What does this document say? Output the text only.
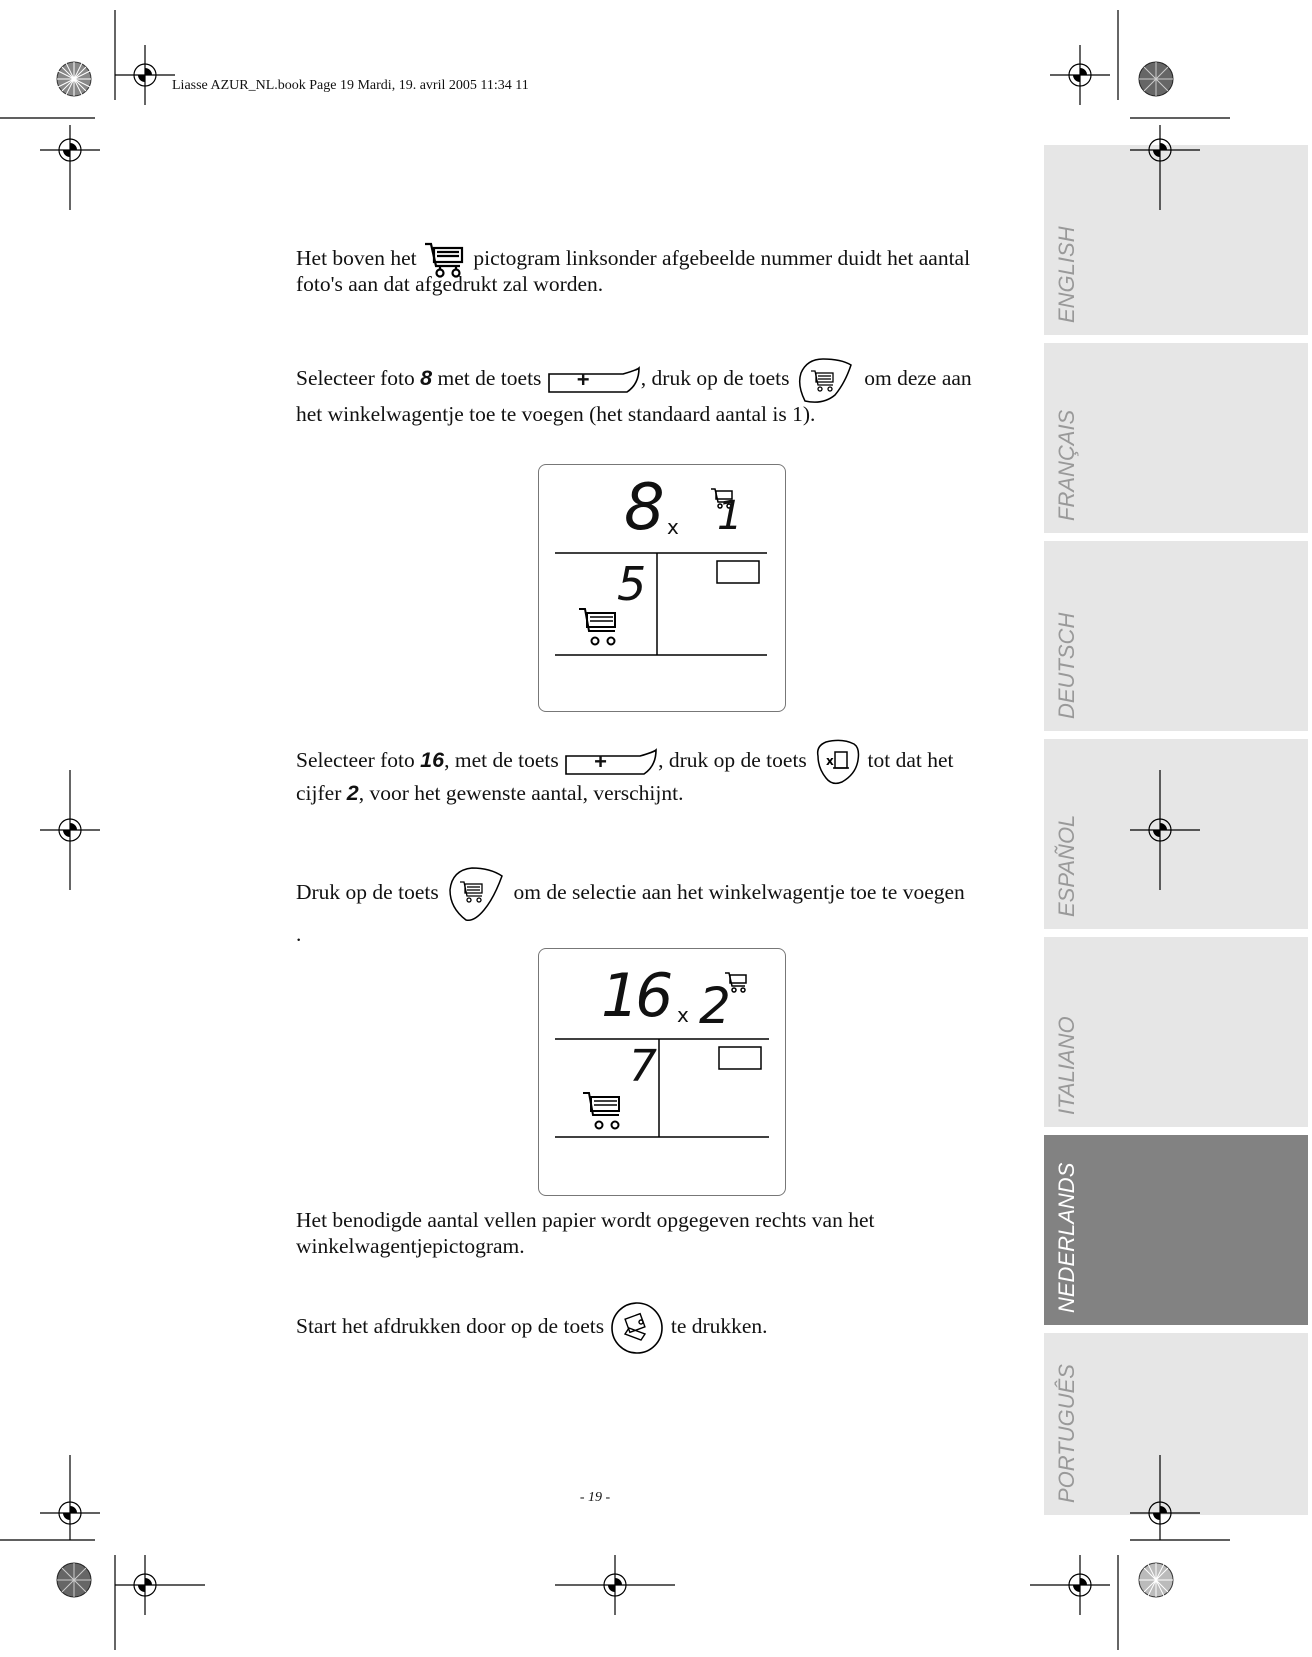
Liasse AZUR_NL.book Page 19 Mardi, 19. avril 2005 11:34 11
ENGLISH
FRANÇAIS
DEUTSCH
ESPAÑOL
ITALIANO
NEDERLANDS
PORTUGUÊS
Het boven het	pictogram linksonder afgebeelde nummer duidt het aantal
foto's aan dat afgedrukt zal worden.
Selecteer foto 8 met de toets + , druk op de toets	om deze aan
het winkelwagentje toe te voegen (het standaard aantal is 1).
8 x 1
5
Selecteer foto 16, met de toets + , druk op de toets x tot dat het
cijfer 2, voor het gewenste aantal, verschijnt.
Druk op de toets	om de selectie aan het winkelwagentje toe te voegen
.
16 x 2
7
Het benodigde aantal vellen papier wordt opgegeven rechts van het
winkelwagentjepictogram.
Start het afdrukken door op de toets	te drukken.
- 19 -
